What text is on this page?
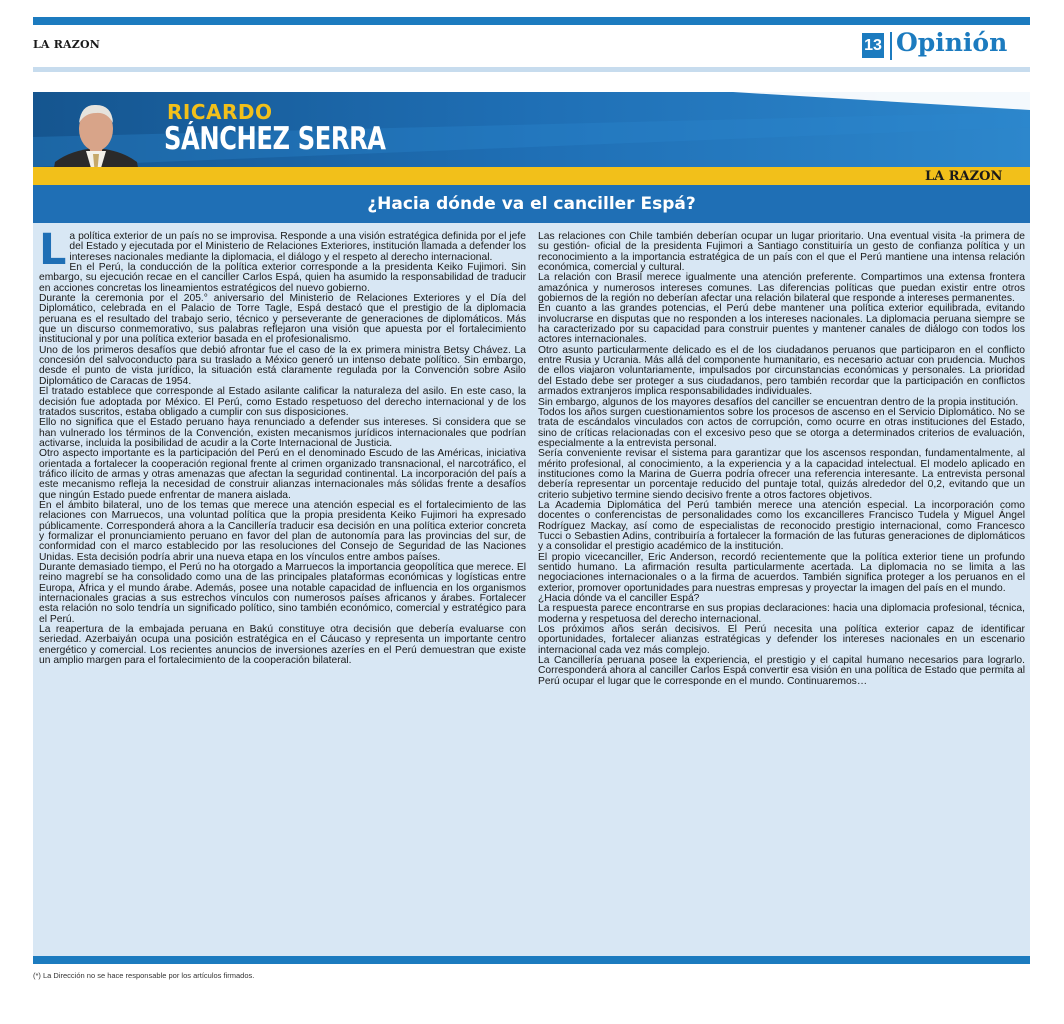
LA RAZON	13 Opinión
RICARDO
SÁNCHEZ SERRA
LA RAZON
¿Hacia dónde va el canciller Espá?

La política exterior de un país no se improvisa. Responde a una visión estratégica definida por el jefe del Estado y ejecutada por el Ministerio de Relaciones Exteriores, institución llamada a defender los intereses nacionales mediante la diplomacia, el diálogo y el respeto al derecho internacional.

En el Perú, la conducción de la política exterior corresponde a la presidenta Keiko Fujimori. Sin embargo, su ejecución recae en el canciller Carlos Espá, quien ha asumido la responsabilidad de traducir en acciones concretas los lineamientos estratégicos del nuevo gobierno.

Durante la ceremonia por el 205.° aniversario del Ministerio de Relaciones Exteriores y el Día del Diplomático, celebrada en el Palacio de Torre Tagle, Espá destacó que el prestigio de la diplomacia peruana es el resultado del trabajo serio, técnico y perseverante de generaciones de diplomáticos. Más que un discurso conmemorativo, sus palabras reflejaron una visión que apuesta por el fortalecimiento institucional y por una política exterior basada en el profesionalismo.

Uno de los primeros desafíos que debió afrontar fue el caso de la ex primera ministra Betsy Chávez. La concesión del salvoconducto para su traslado a México generó un intenso debate político. Sin embargo, desde el punto de vista jurídico, la situación está claramente regulada por la Convención sobre Asilo Diplomático de Caracas de 1954.

El tratado establece que corresponde al Estado asilante calificar la naturaleza del asilo. En este caso, la decisión fue adoptada por México. El Perú, como Estado respetuoso del derecho internacional y de los tratados suscritos, estaba obligado a cumplir con sus disposiciones.

Ello no significa que el Estado peruano haya renunciado a defender sus intereses. Si considera que se han vulnerado los términos de la Convención, existen mecanismos jurídicos internacionales que podrían activarse, incluida la posibilidad de acudir a la Corte Internacional de Justicia.

Otro aspecto importante es la participación del Perú en el denominado Escudo de las Américas, iniciativa orientada a fortalecer la cooperación regional frente al crimen organizado transnacional, el narcotráfico, el tráfico ilícito de armas y otras amenazas que afectan la seguridad continental. La incorporación del país a este mecanismo refleja la necesidad de construir alianzas internacionales más sólidas frente a desafíos que ningún Estado puede enfrentar de manera aislada.

En el ámbito bilateral, uno de los temas que merece una atención especial es el fortalecimiento de las relaciones con Marruecos, una voluntad política que la propia presidenta Keiko Fujimori ha expresado públicamente. Corresponderá ahora a la Cancillería traducir esa decisión en una política exterior concreta y formalizar el pronunciamiento peruano en favor del plan de autonomía para las provincias del sur, de conformidad con el marco establecido por las resoluciones del Consejo de Seguridad de las Naciones Unidas. Esta decisión podría abrir una nueva etapa en los vínculos entre ambos países.

Durante demasiado tiempo, el Perú no ha otorgado a Marruecos la importancia geopolítica que merece. El reino magrebí se ha consolidado como una de las principales plataformas económicas y logísticas entre Europa, África y el mundo árabe. Además, posee una notable capacidad de influencia en los organismos internacionales gracias a sus estrechos vínculos con numerosos países africanos y árabes. Fortalecer esta relación no solo tendría un significado político, sino también económico, comercial y estratégico para el Perú.

La reapertura de la embajada peruana en Bakú constituye otra decisión que debería evaluarse con seriedad. Azerbaiyán ocupa una posición estratégica en el Cáucaso y representa un importante centro energético y comercial. Los recientes anuncios de inversiones azeríes en el Perú demuestran que existe un amplio margen para el fortalecimiento de la cooperación bilateral.

Las relaciones con Chile también deberían ocupar un lugar prioritario. Una eventual visita -la primera de su gestión- oficial de la presidenta Fujimori a Santiago constituiría un gesto de confianza política y un reconocimiento a la importancia estratégica de un país con el que el Perú mantiene una intensa relación económica, comercial y cultural.

La relación con Brasil merece igualmente una atención preferente. Compartimos una extensa frontera amazónica y numerosos intereses comunes. Las diferencias políticas que puedan existir entre otros gobiernos de la región no deberían afectar una relación bilateral que responde a intereses permanentes.

En cuanto a las grandes potencias, el Perú debe mantener una política exterior equilibrada, evitando involucrarse en disputas que no responden a los intereses nacionales. La diplomacia peruana siempre se ha caracterizado por su capacidad para construir puentes y mantener canales de diálogo con todos los actores internacionales.

Otro asunto particularmente delicado es el de los ciudadanos peruanos que participaron en el conflicto entre Rusia y Ucrania. Más allá del componente humanitario, es necesario actuar con prudencia. Muchos de ellos viajaron voluntariamente, impulsados por circunstancias económicas y personales. La prioridad del Estado debe ser proteger a sus ciudadanos, pero también recordar que la participación en conflictos armados extranjeros implica responsabilidades individuales.

Sin embargo, algunos de los mayores desafíos del canciller se encuentran dentro de la propia institución.

Todos los años surgen cuestionamientos sobre los procesos de ascenso en el Servicio Diplomático. No se trata de escándalos vinculados con actos de corrupción, como ocurre en otras instituciones del Estado, sino de críticas relacionadas con el excesivo peso que se otorga a determinados criterios de evaluación, especialmente a la entrevista personal.

Sería conveniente revisar el sistema para garantizar que los ascensos respondan, fundamentalmente, al mérito profesional, al conocimiento, a la experiencia y a la capacidad intelectual. El modelo aplicado en instituciones como la Marina de Guerra podría ofrecer una referencia interesante. La entrevista personal debería representar un porcentaje reducido del puntaje total, quizás alrededor del 0,2, evitando que un criterio subjetivo termine siendo decisivo frente a otros factores objetivos.

La Academia Diplomática del Perú también merece una atención especial. La incorporación como docentes o conferencistas de personalidades como los excancilleres Francisco Tudela y Miguel Ángel Rodríguez Mackay, así como de especialistas de reconocido prestigio internacional, como Francesco Tucci o Sebastien Adins, contribuiría a fortalecer la formación de las futuras generaciones de diplomáticos y a consolidar el prestigio académico de la institución.

El propio vicecanciller, Eric Anderson, recordó recientemente que la política exterior tiene un profundo sentido humano. La afirmación resulta particularmente acertada. La diplomacia no se limita a las negociaciones internacionales o a la firma de acuerdos. También significa proteger a los peruanos en el exterior, promover oportunidades para nuestras empresas y proyectar la imagen del país en el mundo.

¿Hacia dónde va el canciller Espá?

La respuesta parece encontrarse en sus propias declaraciones: hacia una diplomacia profesional, técnica, moderna y respetuosa del derecho internacional.

Los próximos años serán decisivos. El Perú necesita una política exterior capaz de identificar oportunidades, fortalecer alianzas estratégicas y defender los intereses nacionales en un escenario internacional cada vez más complejo.

La Cancillería peruana posee la experiencia, el prestigio y el capital humano necesarios para lograrlo. Corresponderá ahora al canciller Carlos Espá convertir esa visión en una política de Estado que permita al Perú ocupar el lugar que le corresponde en el mundo. Continuaremos…

(*) La Dirección no se hace responsable por los artículos firmados.
